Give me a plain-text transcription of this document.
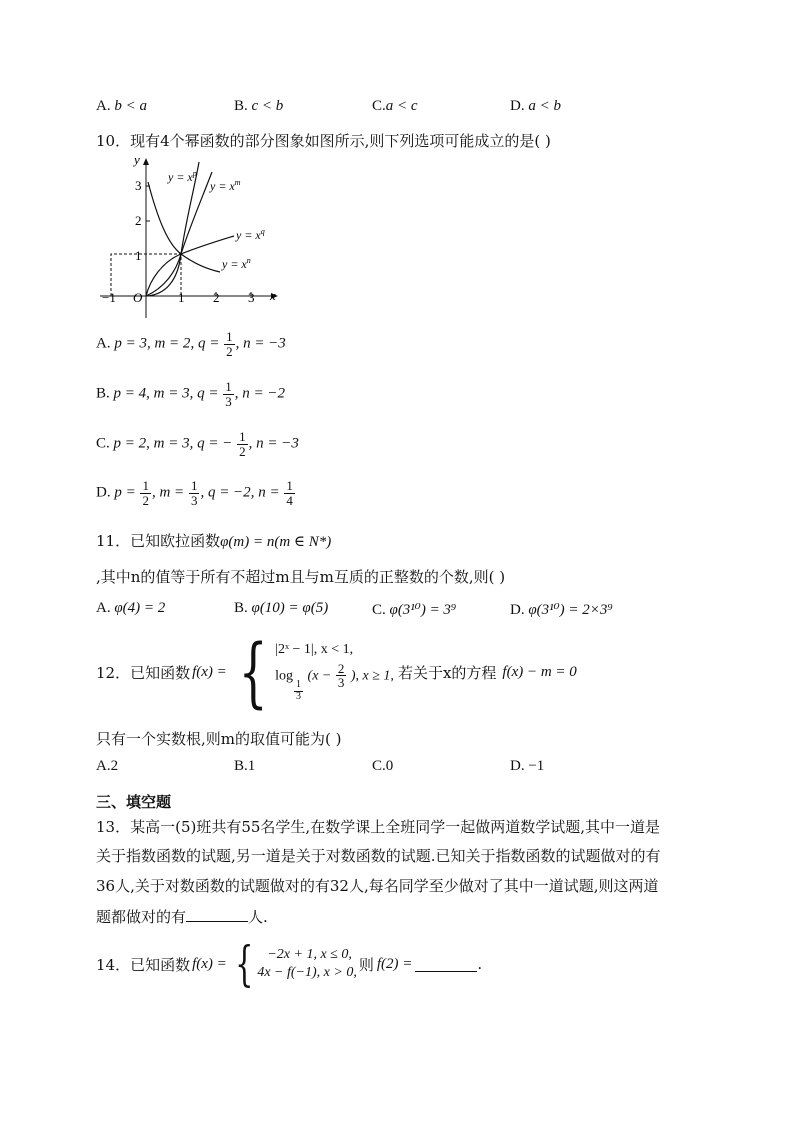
A. b < a	B. c < b	C.a < c	D. a < b
10．现有4个幂函数的部分图象如图所示,则下列选项可能成立的是( )
y
x
O
−1	1 2 3
1
2
3
$y = x^p$
$y = x^m$
$y = x^q$
$y = x^n$
A. p = 3, m = 2, $q = \frac{1}{2}$ , n = −3
B. p = 4, m = 3, $q = \frac{1}{3}$ , n = −2
C. p = 2, m = 3, q = − $\frac{1}{2}$ , n = −3
D. $p = \frac{1}{2}$ , $m = \frac{1}{3}$ , q = −2, $n = \frac{1}{4}$
11．已知欧拉函数φ(m) = n(m ∈ N*)
,其中n的值等于所有不超过m且与m互质的正整数的个数,则( )
A. φ(4) = 2	B. φ(10) = φ(5)	C. φ(3¹⁰) = 3⁹	D. φ(3¹⁰) = 2×3⁹
12． 已知函数 f(x) = { |2ˣ − 1|, x < 1,
log
$\frac{1}{3}$
($x - \frac{2}{3}$ ), x ≥ 1, 若关于x的方程 f(x) − m = 0
只有一个实数根,则m的取值可能为( )
A.2	B.1	C.0	D. −1
三、填空题
13．某高一(5)班共有55名学生,在数学课上全班同学一起做两道数学试题,其中一道是
关于指数函数的试题,另一道是关于对数函数的试题.已知关于指数函数的试题做对的有
36人,关于对数函数的试题做对的有32人,每名同学至少做对了其中一道试题,则这两道
题都做对的有	人.
14． 已知函数 f(x) = {	−2x + 1, x ≤ 0,
4x − f(−1), x > 0, 则 f(2) =	.
